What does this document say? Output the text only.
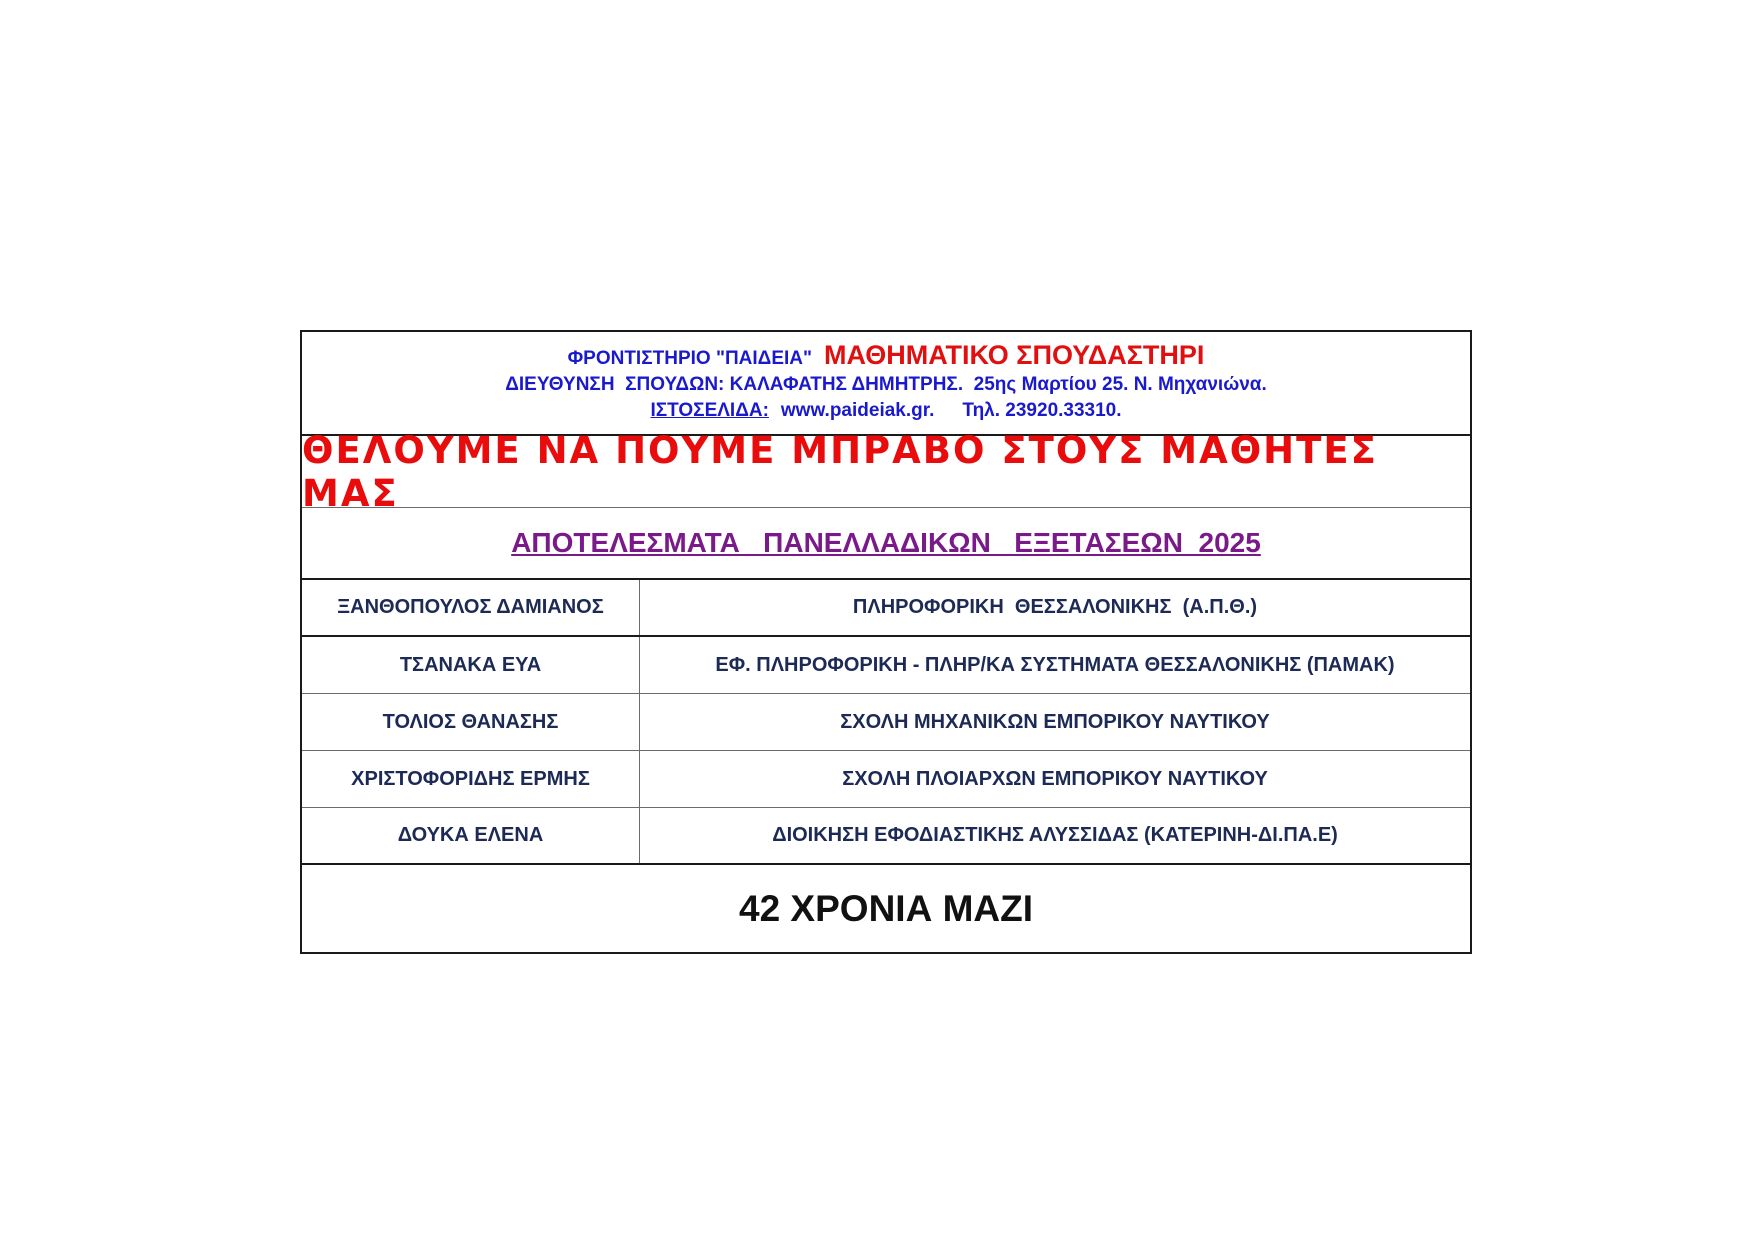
ΦΡΟΝΤΙΣΤΗΡΙΟ "ΠΑΙΔΕΙΑ" ΜΑΘΗΜΑΤΙΚΟ ΣΠΟΥΔΑΣΤΗΡΙ
ΔΙΕΥΘΥΝΣΗ  ΣΠΟΥΔΩΝ: ΚΑΛΑΦΑΤΗΣ ΔΗΜΗΤΡΗΣ.  25ης Μαρτίου 25. Ν. Μηχανιώνα.
ΙΣΤΟΣΕΛΙΔΑ: www.paideiak.gr. Τηλ. 23920.33310.
ΘΕΛΟΥΜΕ ΝΑ ΠΟΥΜΕ ΜΠΡΑΒΟ ΣΤΟΥΣ ΜΑΘΗΤΕΣ ΜΑΣ
ΑΠΟΤΕΛΕΣΜΑΤΑ   ΠΑΝΕΛΛΑΔΙΚΩΝ   ΕΞΕΤΑΣΕΩΝ  2025
ΞΑΝΘΟΠΟΥΛΟΣ ΔΑΜΙΑΝΟΣ	ΠΛΗΡΟΦΟΡΙΚΗ  ΘΕΣΣΑΛΟΝΙΚΗΣ  (Α.Π.Θ.)
ΤΣΑΝΑΚΑ ΕΥΑ	ΕΦ. ΠΛΗΡΟΦΟΡΙΚΗ - ΠΛΗΡ/ΚΑ ΣΥΣΤΗΜΑΤΑ ΘΕΣΣΑΛΟΝΙΚΗΣ (ΠΑΜΑΚ)
ΤΟΛΙΟΣ ΘΑΝΑΣΗΣ	ΣΧΟΛΗ ΜΗΧΑΝΙΚΩΝ ΕΜΠΟΡΙΚΟΥ ΝΑΥΤΙΚΟΥ
ΧΡΙΣΤΟΦΟΡΙΔΗΣ ΕΡΜΗΣ	ΣΧΟΛΗ ΠΛΟΙΑΡΧΩΝ ΕΜΠΟΡΙΚΟΥ ΝΑΥΤΙΚΟΥ
ΔΟΥΚΑ ΕΛΕΝΑ	ΔΙΟΙΚΗΣΗ ΕΦΟΔΙΑΣΤΙΚΗΣ ΑΛΥΣΣΙΔΑΣ (ΚΑΤΕΡΙΝΗ-ΔΙ.ΠΑ.Ε)
42 ΧΡΟΝΙΑ ΜΑΖΙ
